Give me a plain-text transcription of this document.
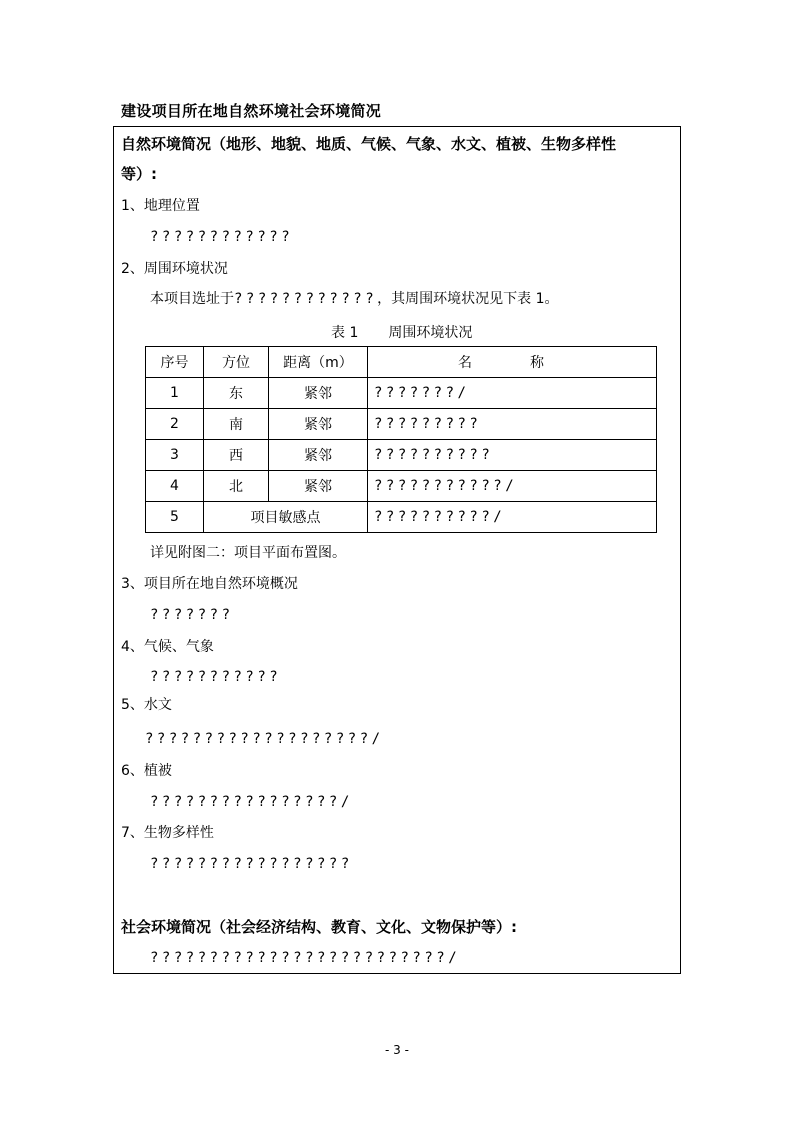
建设项目所在地自然环境社会环境简况
自然环境简况（地形、地貌、地质、气候、气象、水文、植被、生物多样性
等）:
1、地理位置
????????????
2、周围环境状况
本项目选址于????????????，其周围环境状况见下表 1。
表 1 周围环境状况
序号	方位	距离（m）	名　称
1	东	紧邻	???????/
2	南	紧邻	?????????
3	西	紧邻	??????????
4	北	紧邻	???????????/
5	项目敏感点		??????????/
详见附图二：项目平面布置图。
3、项目所在地自然环境概况
???????
4、气候、气象
???????????
5、水文
???????????????????/
6、植被
????????????????/
7、生物多样性
?????????????????
社会环境简况（社会经济结构、教育、文化、文物保护等）:
?????????????????????????/
- 3 -
